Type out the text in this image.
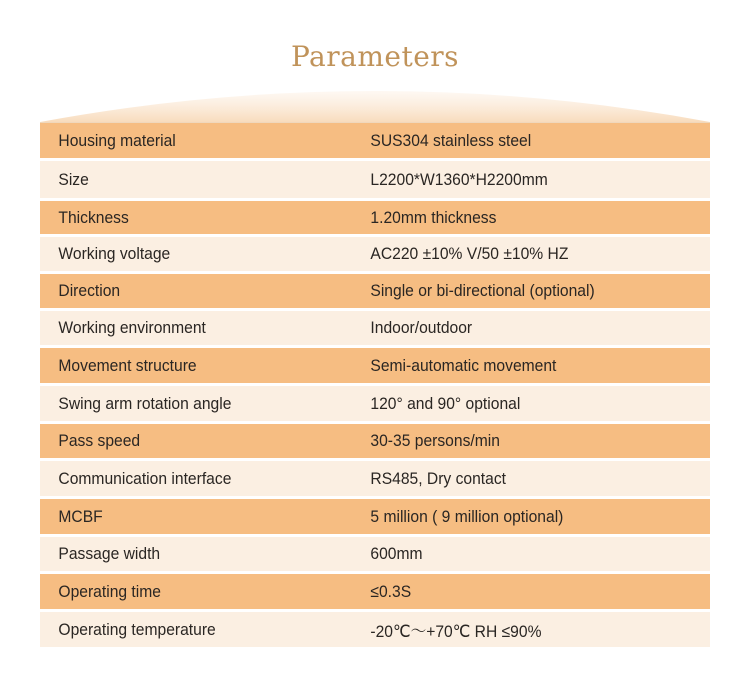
Parameters
Housing material	SUS304 stainless steel
Size	L2200*W1360*H2200mm
Thickness	1.20mm thickness
Working voltage	AC220 ±10% V/50 ±10% HZ
Direction	Single or bi-directional (optional)
Working environment	Indoor/outdoor
Movement structure	Semi-automatic movement
Swing arm rotation angle	120° and 90° optional
Pass speed	30-35 persons/min
Communication interface	RS485, Dry contact
MCBF	5 million ( 9 million optional)
Passage width	600mm
Operating time	≤0.3S
Operating temperature	-20℃～+70℃ RH ≤90%
